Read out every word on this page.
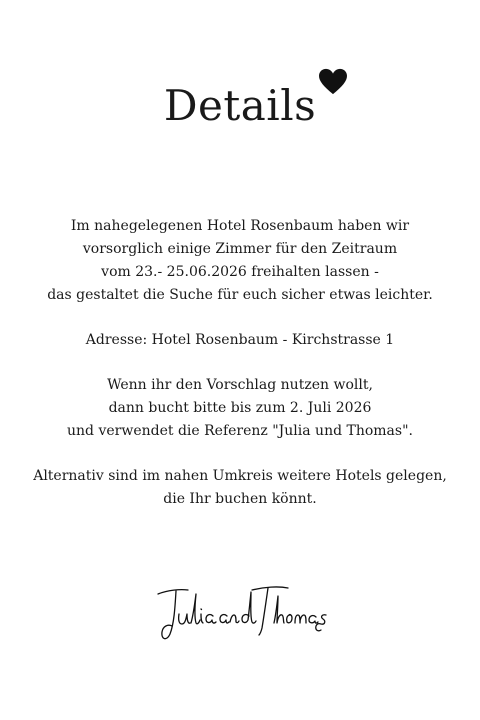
Details

Im nahegelegenen Hotel Rosenbaum haben wir
vorsorglich einige Zimmer für den Zeitraum
vom 23.- 25.06.2026 freihalten lassen -
das gestaltet die Suche für euch sicher etwas leichter.

Adresse: Hotel Rosenbaum - Kirchstrasse 1

Wenn ihr den Vorschlag nutzen wollt,
dann bucht bitte bis zum 2. Juli 2026
und verwendet die Referenz "Julia und Thomas".

Alternativ sind im nahen Umkreis weitere Hotels gelegen,
die Ihr buchen könnt.
